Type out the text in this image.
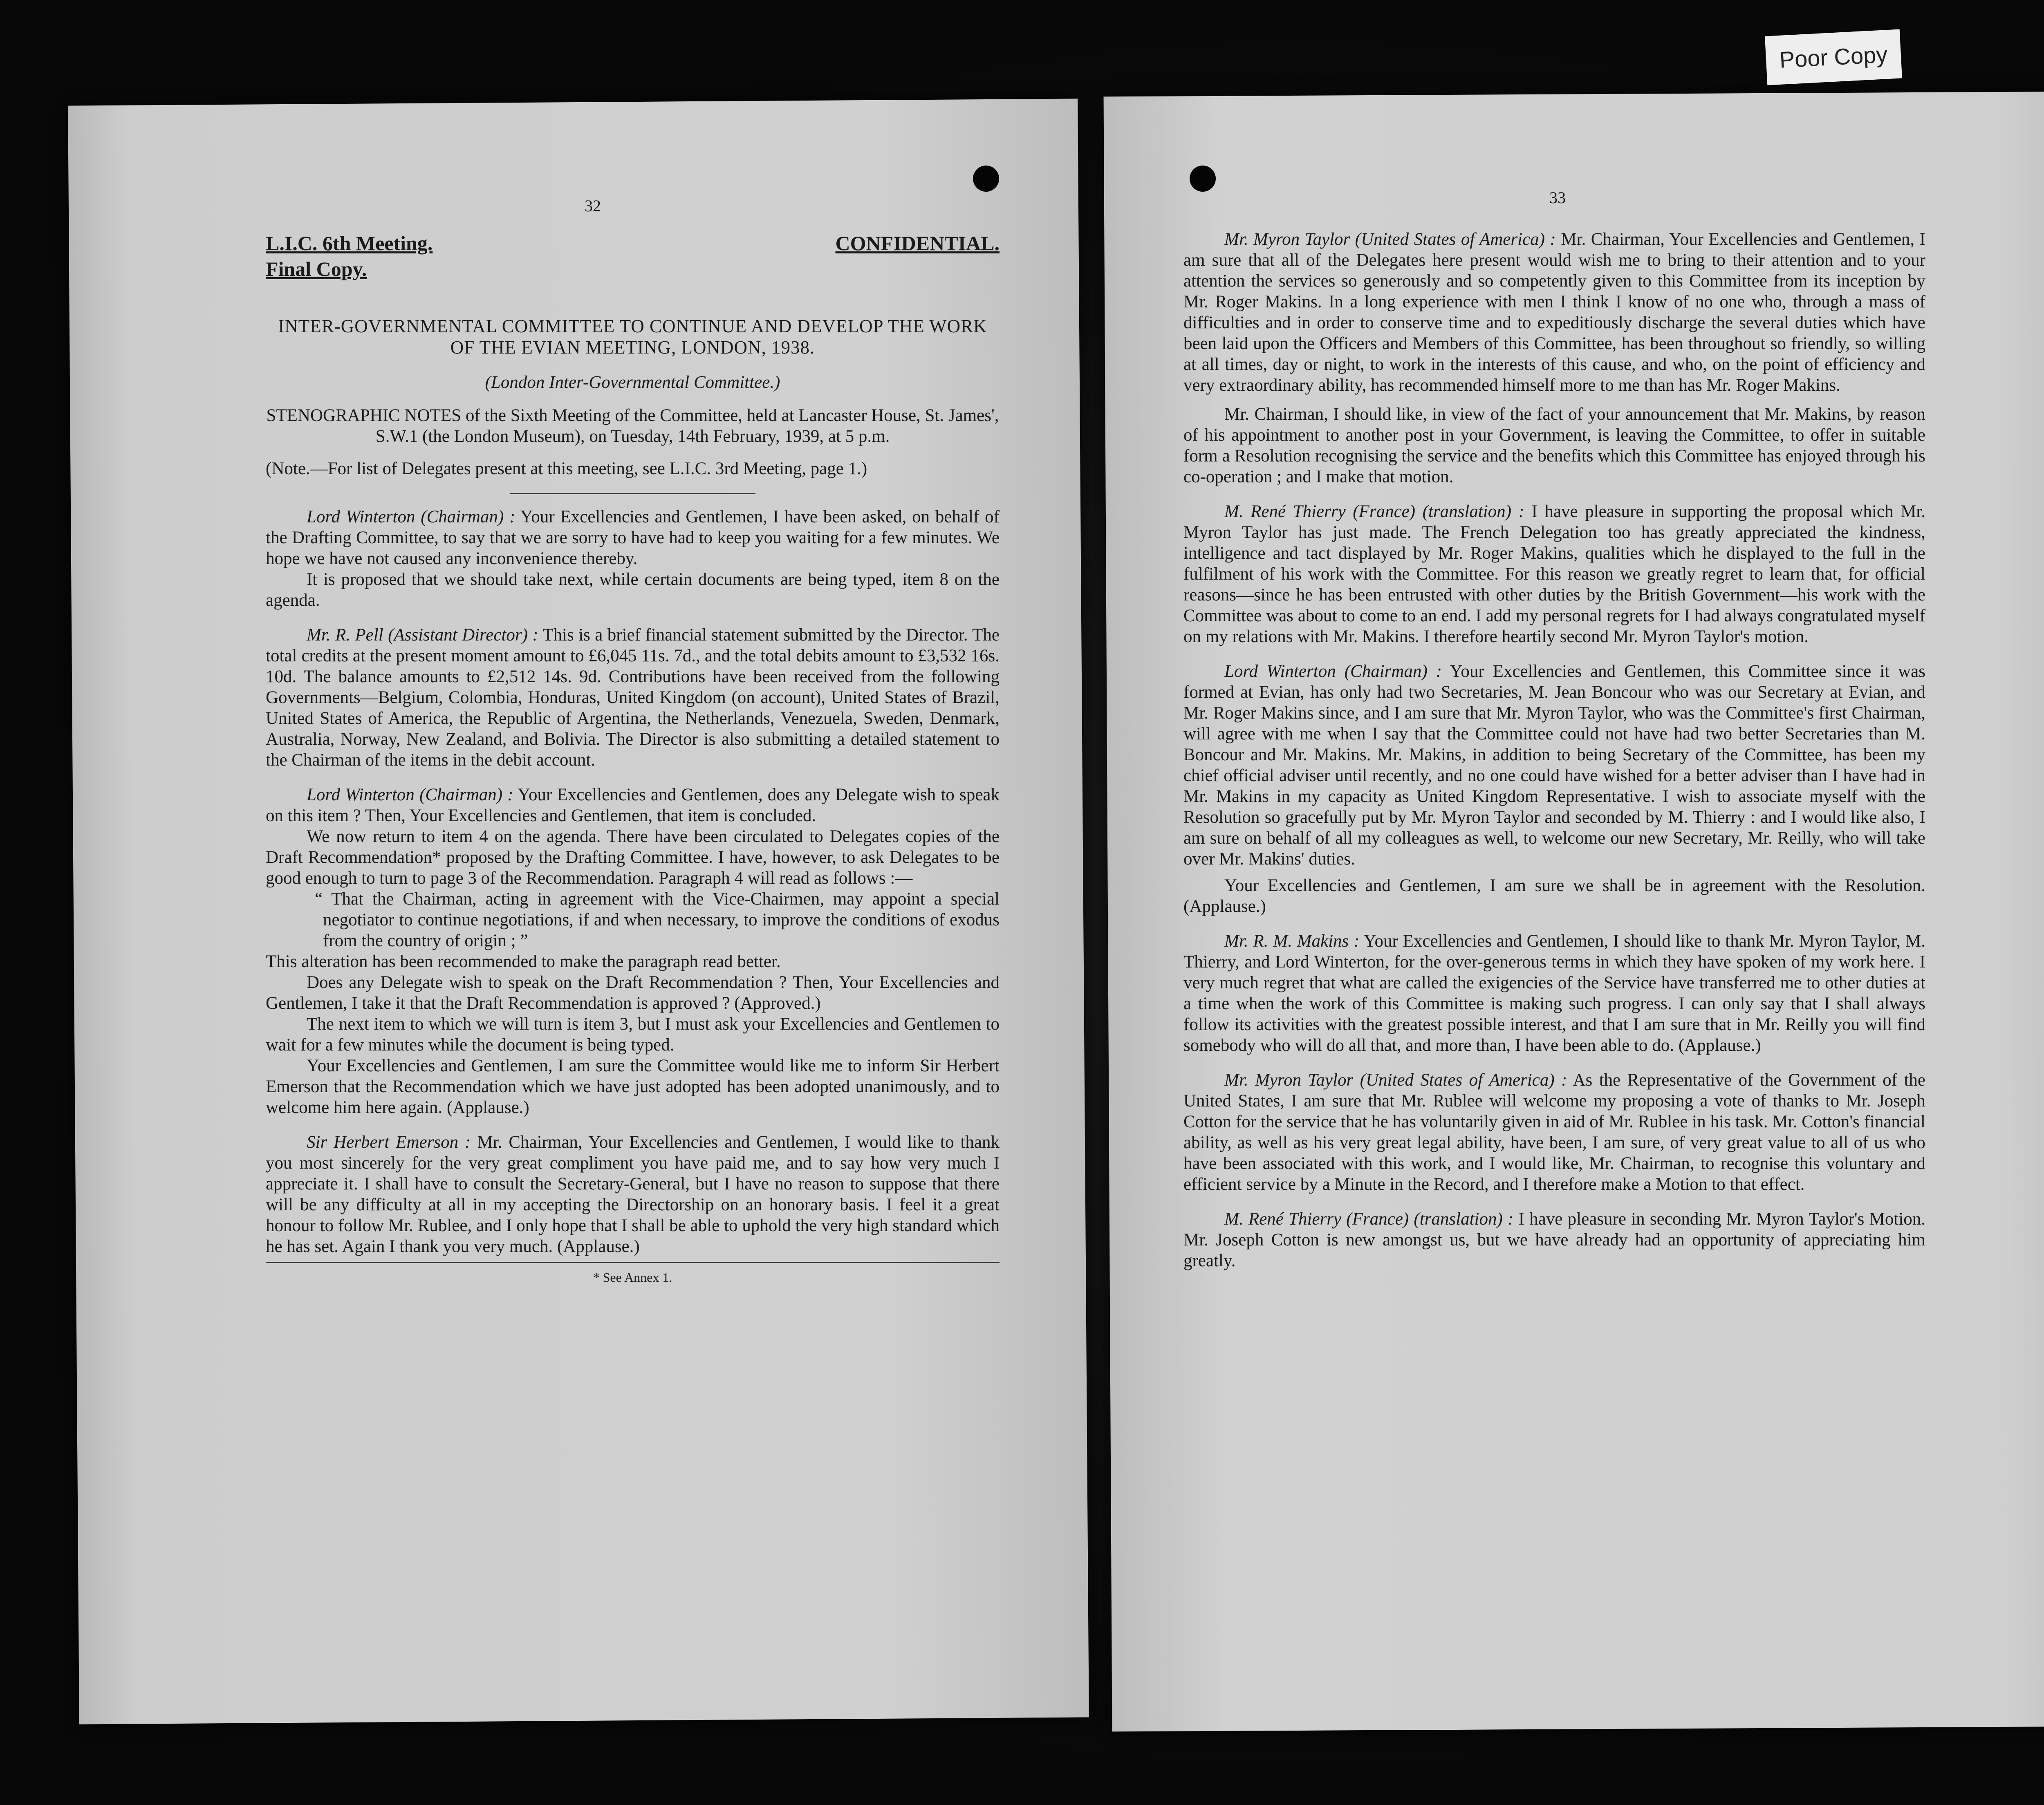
32
L.I.C. 6th Meeting.	CONFIDENTIAL.
Final Copy.
INTER-GOVERNMENTAL COMMITTEE TO CONTINUE AND DEVELOP THE WORK OF THE EVIAN MEETING, LONDON, 1938.
(London Inter-Governmental Committee.)
STENOGRAPHIC NOTES of the Sixth Meeting of the Committee, held at Lancaster House, St. James', S.W.1 (the London Museum), on Tuesday, 14th February, 1939, at 5 p.m.
(Note.—For list of Delegates present at this meeting, see L.I.C. 3rd Meeting, page 1.)

Lord Winterton (Chairman) : Your Excellencies and Gentlemen, I have been asked, on behalf of the Drafting Committee, to say that we are sorry to have had to keep you waiting for a few minutes. We hope we have not caused any inconvenience thereby.

It is proposed that we should take next, while certain documents are being typed, item 8 on the agenda.

Mr. R. Pell (Assistant Director) : This is a brief financial statement submitted by the Director. The total credits at the present moment amount to £6,045 11s. 7d., and the total debits amount to £3,532 16s. 10d. The balance amounts to £2,512 14s. 9d. Contributions have been received from the following Governments—Belgium, Colombia, Honduras, United Kingdom (on account), United States of Brazil, United States of America, the Republic of Argentina, the Netherlands, Venezuela, Sweden, Denmark, Australia, Norway, New Zealand, and Bolivia. The Director is also submitting a detailed statement to the Chairman of the items in the debit account.

Lord Winterton (Chairman) : Your Excellencies and Gentlemen, does any Delegate wish to speak on this item ? Then, Your Excellencies and Gentlemen, that item is concluded.

We now return to item 4 on the agenda. There have been circulated to Delegates copies of the Draft Recommendation* proposed by the Drafting Committee. I have, however, to ask Delegates to be good enough to turn to page 3 of the Recommendation. Paragraph 4 will read as follows :—

“ That the Chairman, acting in agreement with the Vice-Chairmen, may appoint a special negotiator to continue negotiations, if and when necessary, to improve the conditions of exodus from the country of origin ; ”

This alteration has been recommended to make the paragraph read better.

Does any Delegate wish to speak on the Draft Recommendation ? Then, Your Excellencies and Gentlemen, I take it that the Draft Recommendation is approved ? (Approved.)

The next item to which we will turn is item 3, but I must ask your Excellencies and Gentlemen to wait for a few minutes while the document is being typed.

Your Excellencies and Gentlemen, I am sure the Committee would like me to inform Sir Herbert Emerson that the Recommendation which we have just adopted has been adopted unanimously, and to welcome him here again. (Applause.)

Sir Herbert Emerson : Mr. Chairman, Your Excellencies and Gentlemen, I would like to thank you most sincerely for the very great compliment you have paid me, and to say how very much I appreciate it. I shall have to consult the Secretary-General, but I have no reason to suppose that there will be any difficulty at all in my accepting the Directorship on an honorary basis. I feel it a great honour to follow Mr. Rublee, and I only hope that I shall be able to uphold the very high standard which he has set. Again I thank you very much. (Applause.)

* See Annex 1.
33

Mr. Myron Taylor (United States of America) : Mr. Chairman, Your Excellencies and Gentlemen, I am sure that all of the Delegates here present would wish me to bring to their attention and to your attention the services so generously and so competently given to this Committee from its inception by Mr. Roger Makins. In a long experience with men I think I know of no one who, through a mass of difficulties and in order to conserve time and to expeditiously discharge the several duties which have been laid upon the Officers and Members of this Committee, has been throughout so friendly, so willing at all times, day or night, to work in the interests of this cause, and who, on the point of efficiency and very extraordinary ability, has recommended himself more to me than has Mr. Roger Makins.

Mr. Chairman, I should like, in view of the fact of your announcement that Mr. Makins, by reason of his appointment to another post in your Government, is leaving the Committee, to offer in suitable form a Resolution recognising the service and the benefits which this Committee has enjoyed through his co-operation ; and I make that motion.

M. René Thierry (France) (translation) : I have pleasure in supporting the proposal which Mr. Myron Taylor has just made. The French Delegation too has greatly appreciated the kindness, intelligence and tact displayed by Mr. Roger Makins, qualities which he displayed to the full in the fulfilment of his work with the Committee. For this reason we greatly regret to learn that, for official reasons—since he has been entrusted with other duties by the British Government—his work with the Committee was about to come to an end. I add my personal regrets for I had always congratulated myself on my relations with Mr. Makins. I therefore heartily second Mr. Myron Taylor's motion.

Lord Winterton (Chairman) : Your Excellencies and Gentlemen, this Committee since it was formed at Evian, has only had two Secretaries, M. Jean Boncour who was our Secretary at Evian, and Mr. Roger Makins since, and I am sure that Mr. Myron Taylor, who was the Committee's first Chairman, will agree with me when I say that the Committee could not have had two better Secretaries than M. Boncour and Mr. Makins. Mr. Makins, in addition to being Secretary of the Committee, has been my chief official adviser until recently, and no one could have wished for a better adviser than I have had in Mr. Makins in my capacity as United Kingdom Representative. I wish to associate myself with the Resolution so gracefully put by Mr. Myron Taylor and seconded by M. Thierry : and I would like also, I am sure on behalf of all my colleagues as well, to welcome our new Secretary, Mr. Reilly, who will take over Mr. Makins' duties.

Your Excellencies and Gentlemen, I am sure we shall be in agreement with the Resolution. (Applause.)

Mr. R. M. Makins : Your Excellencies and Gentlemen, I should like to thank Mr. Myron Taylor, M. Thierry, and Lord Winterton, for the over-generous terms in which they have spoken of my work here. I very much regret that what are called the exigencies of the Service have transferred me to other duties at a time when the work of this Committee is making such progress. I can only say that I shall always follow its activities with the greatest possible interest, and that I am sure that in Mr. Reilly you will find somebody who will do all that, and more than, I have been able to do. (Applause.)

Mr. Myron Taylor (United States of America) : As the Representative of the Government of the United States, I am sure that Mr. Rublee will welcome my proposing a vote of thanks to Mr. Joseph Cotton for the service that he has voluntarily given in aid of Mr. Rublee in his task. Mr. Cotton's financial ability, as well as his very great legal ability, have been, I am sure, of very great value to all of us who have been associated with this work, and I would like, Mr. Chairman, to recognise this voluntary and efficient service by a Minute in the Record, and I therefore make a Motion to that effect.

M. René Thierry (France) (translation) : I have pleasure in seconding Mr. Myron Taylor's Motion. Mr. Joseph Cotton is new amongst us, but we have already had an opportunity of appreciating him greatly.

Poor Copy
